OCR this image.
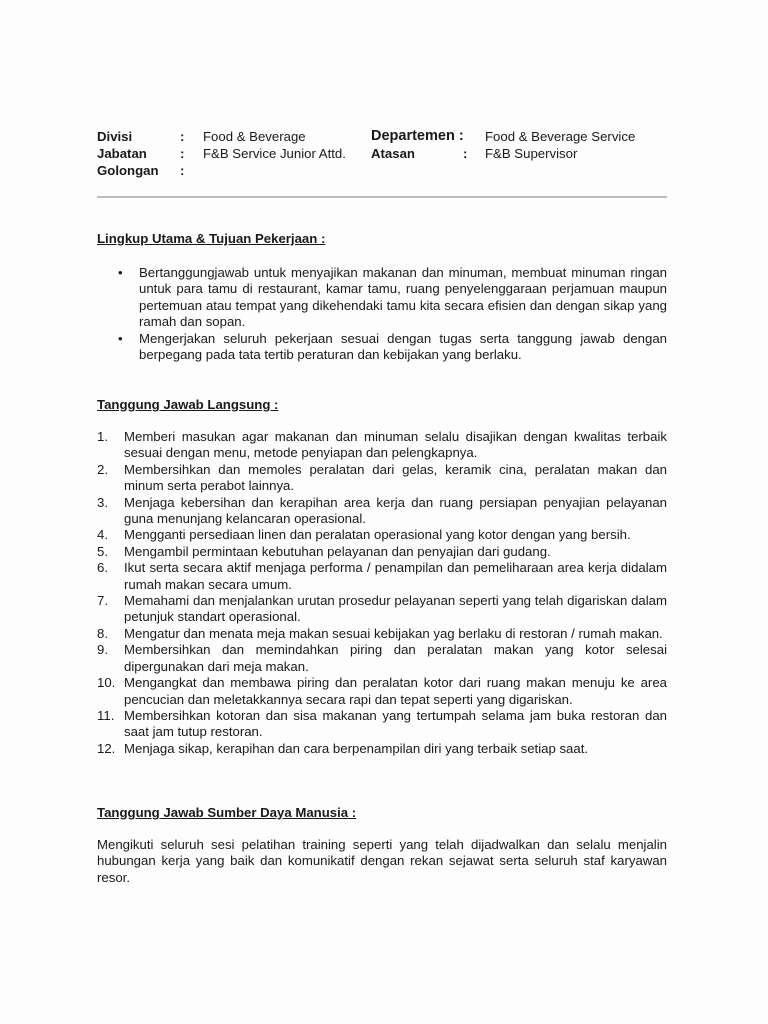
Divisi	: Food & Beverage	Departemen : Food & Beverage Service
Jabatan	: F&B Service Junior Attd. Atasan	: F&B Supervisor
Golongan :
Lingkup Utama & Tujuan Pekerjaan :
• Bertanggungjawab untuk menyajikan makanan dan minuman, membuat minuman ringan untuk para tamu di restaurant, kamar tamu, ruang penyelenggaraan perjamuan maupun pertemuan atau tempat yang dikehendaki tamu kita secara efisien dan dengan sikap yang ramah dan sopan.
• Mengerjakan seluruh pekerjaan sesuai dengan tugas serta tanggung jawab dengan berpegang pada tata tertib peraturan dan kebijakan yang berlaku.
Tanggung Jawab Langsung :
1. Memberi masukan agar makanan dan minuman selalu disajikan dengan kwalitas terbaik sesuai dengan menu, metode penyiapan dan pelengkapnya.
2. Membersihkan dan memoles peralatan dari gelas, keramik cina, peralatan makan dan minum serta perabot lainnya.
3. Menjaga kebersihan dan kerapihan area kerja dan ruang persiapan penyajian pelayanan guna menunjang kelancaran operasional.
4. Mengganti persediaan linen dan peralatan operasional yang kotor dengan yang bersih.
5. Mengambil permintaan kebutuhan pelayanan dan penyajian dari gudang.
6. Ikut serta secara aktif menjaga performa / penampilan dan pemeliharaan area kerja didalam rumah makan secara umum.
7. Memahami dan menjalankan urutan prosedur pelayanan seperti yang telah digariskan dalam petunjuk standart operasional.
8. Mengatur dan menata meja makan sesuai kebijakan yag berlaku di restoran / rumah makan.
9. Membersihkan dan memindahkan piring dan peralatan makan yang kotor selesai dipergunakan dari meja makan.
10. Mengangkat dan membawa piring dan peralatan kotor dari ruang makan menuju ke area pencucian dan meletakkannya secara rapi dan tepat seperti yang digariskan.
11. Membersihkan kotoran dan sisa makanan yang tertumpah selama jam buka restoran dan saat jam tutup restoran.
12. Menjaga sikap, kerapihan dan cara berpenampilan diri yang terbaik setiap saat.
Tanggung Jawab Sumber Daya Manusia :
Mengikuti seluruh sesi pelatihan training seperti yang telah dijadwalkan dan selalu menjalin hubungan kerja yang baik dan komunikatif dengan rekan sejawat serta seluruh staf karyawan resor.
